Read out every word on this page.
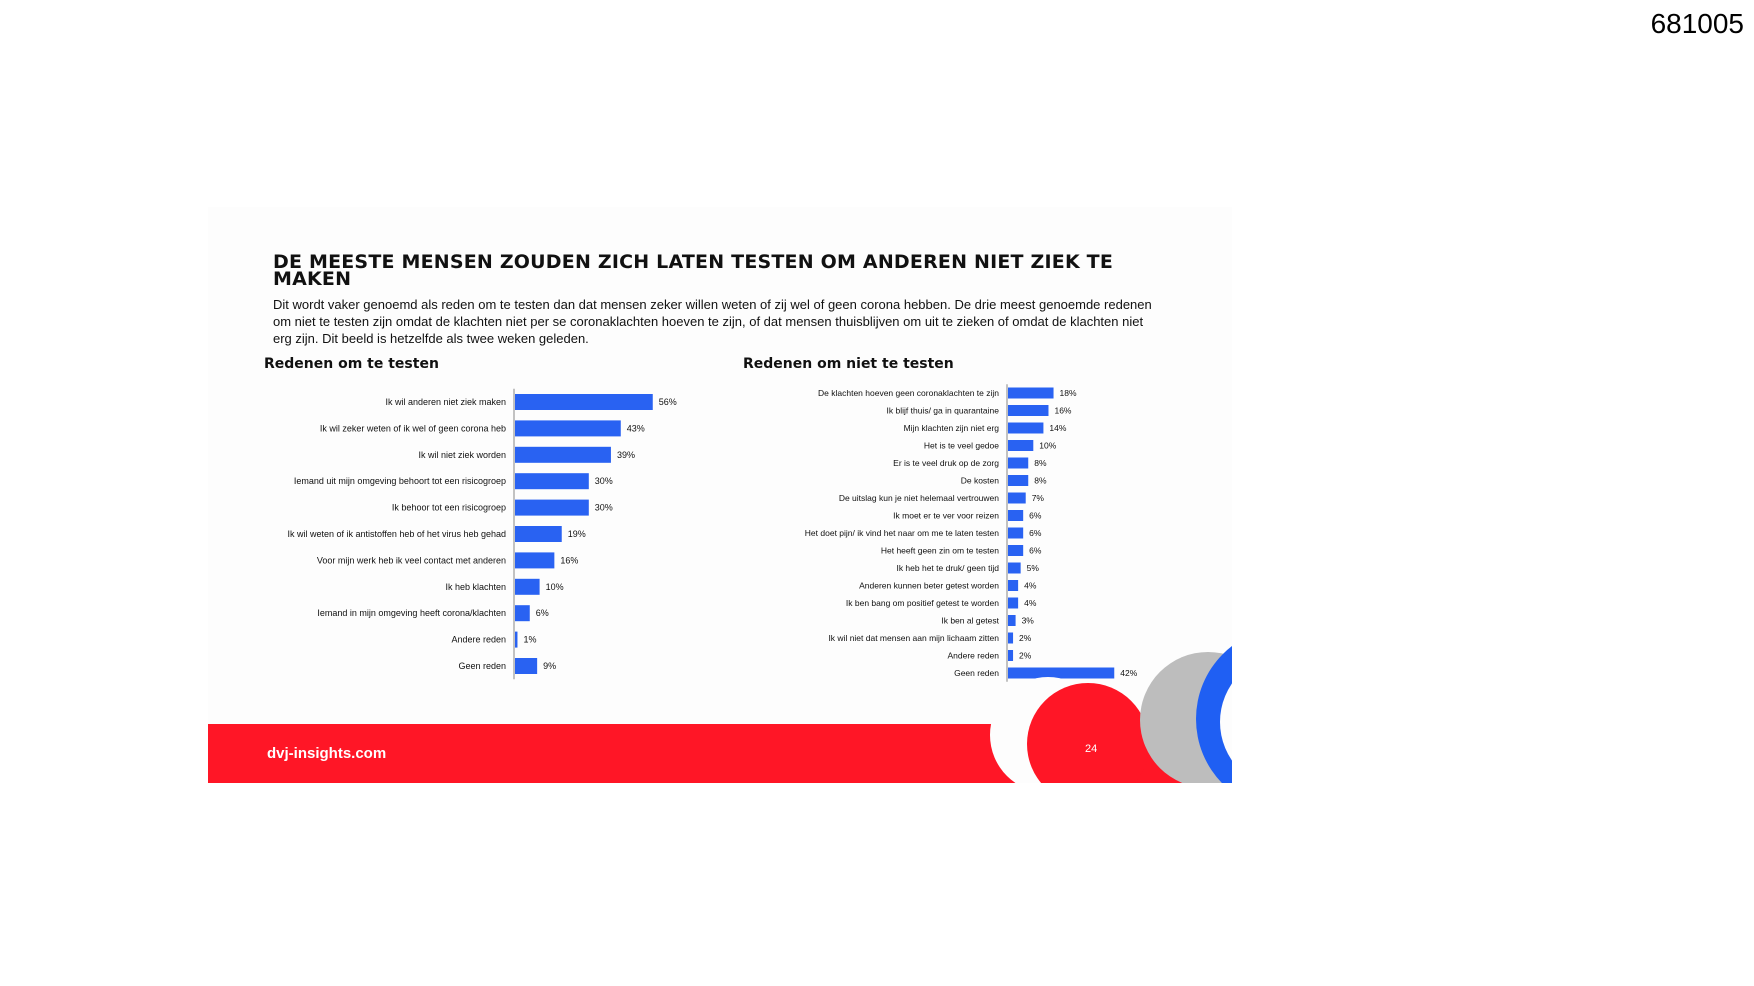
681005
DE MEESTE MENSEN ZOUDEN ZICH LATEN TESTEN OM ANDEREN NIET ZIEK TE MAKEN

Dit wordt vaker genoemd als reden om te testen dan dat mensen zeker willen weten of zij wel of geen corona hebben. De drie meest genoemde redenen om niet te testen zijn omdat de klachten niet per se coronaklachten hoeven te zijn, of dat mensen thuisblijven om uit te zieken of omdat de klachten niet erg zijn. Dit beeld is hetzelfde als twee weken geleden.

Redenen om te testen	Redenen om niet te testen
Ik wil anderen niet ziek maken	56%
Ik wil zeker weten of ik wel of geen corona heb	43%
Ik wil niet ziek worden	39%
Iemand uit mijn omgeving behoort tot een risicogroep	30%
Ik behoor tot een risicogroep	30%
Ik wil weten of ik antistoffen heb of het virus heb gehad	19%
Voor mijn werk heb ik veel contact met anderen	16%
Ik heb klachten	10%
Iemand in mijn omgeving heeft corona/klachten	6%
Andere reden 1%
Geen reden	9%
De klachten hoeven geen coronaklachten te zijn	18%
Ik blijf thuis/ ga in quarantaine	16%
Mijn klachten zijn niet erg	14%
Het is te veel gedoe	10%
Er is te veel druk op de zorg	8%
De kosten	8%
De uitslag kun je niet helemaal vertrouwen	7%
Ik moet er te ver voor reizen	6%
Het doet pijn/ ik vind het naar om me te laten testen	6%
Het heeft geen zin om te testen	6%
Ik heb het te druk/ geen tijd	5%
Anderen kunnen beter getest worden	4%
Ik ben bang om positief getest te worden	4%
Ik ben al getest	3%
Ik wil niet dat mensen aan mijn lichaam zitten 2%
Andere reden 2%
Geen reden	42%
dvj-insights.com	24
